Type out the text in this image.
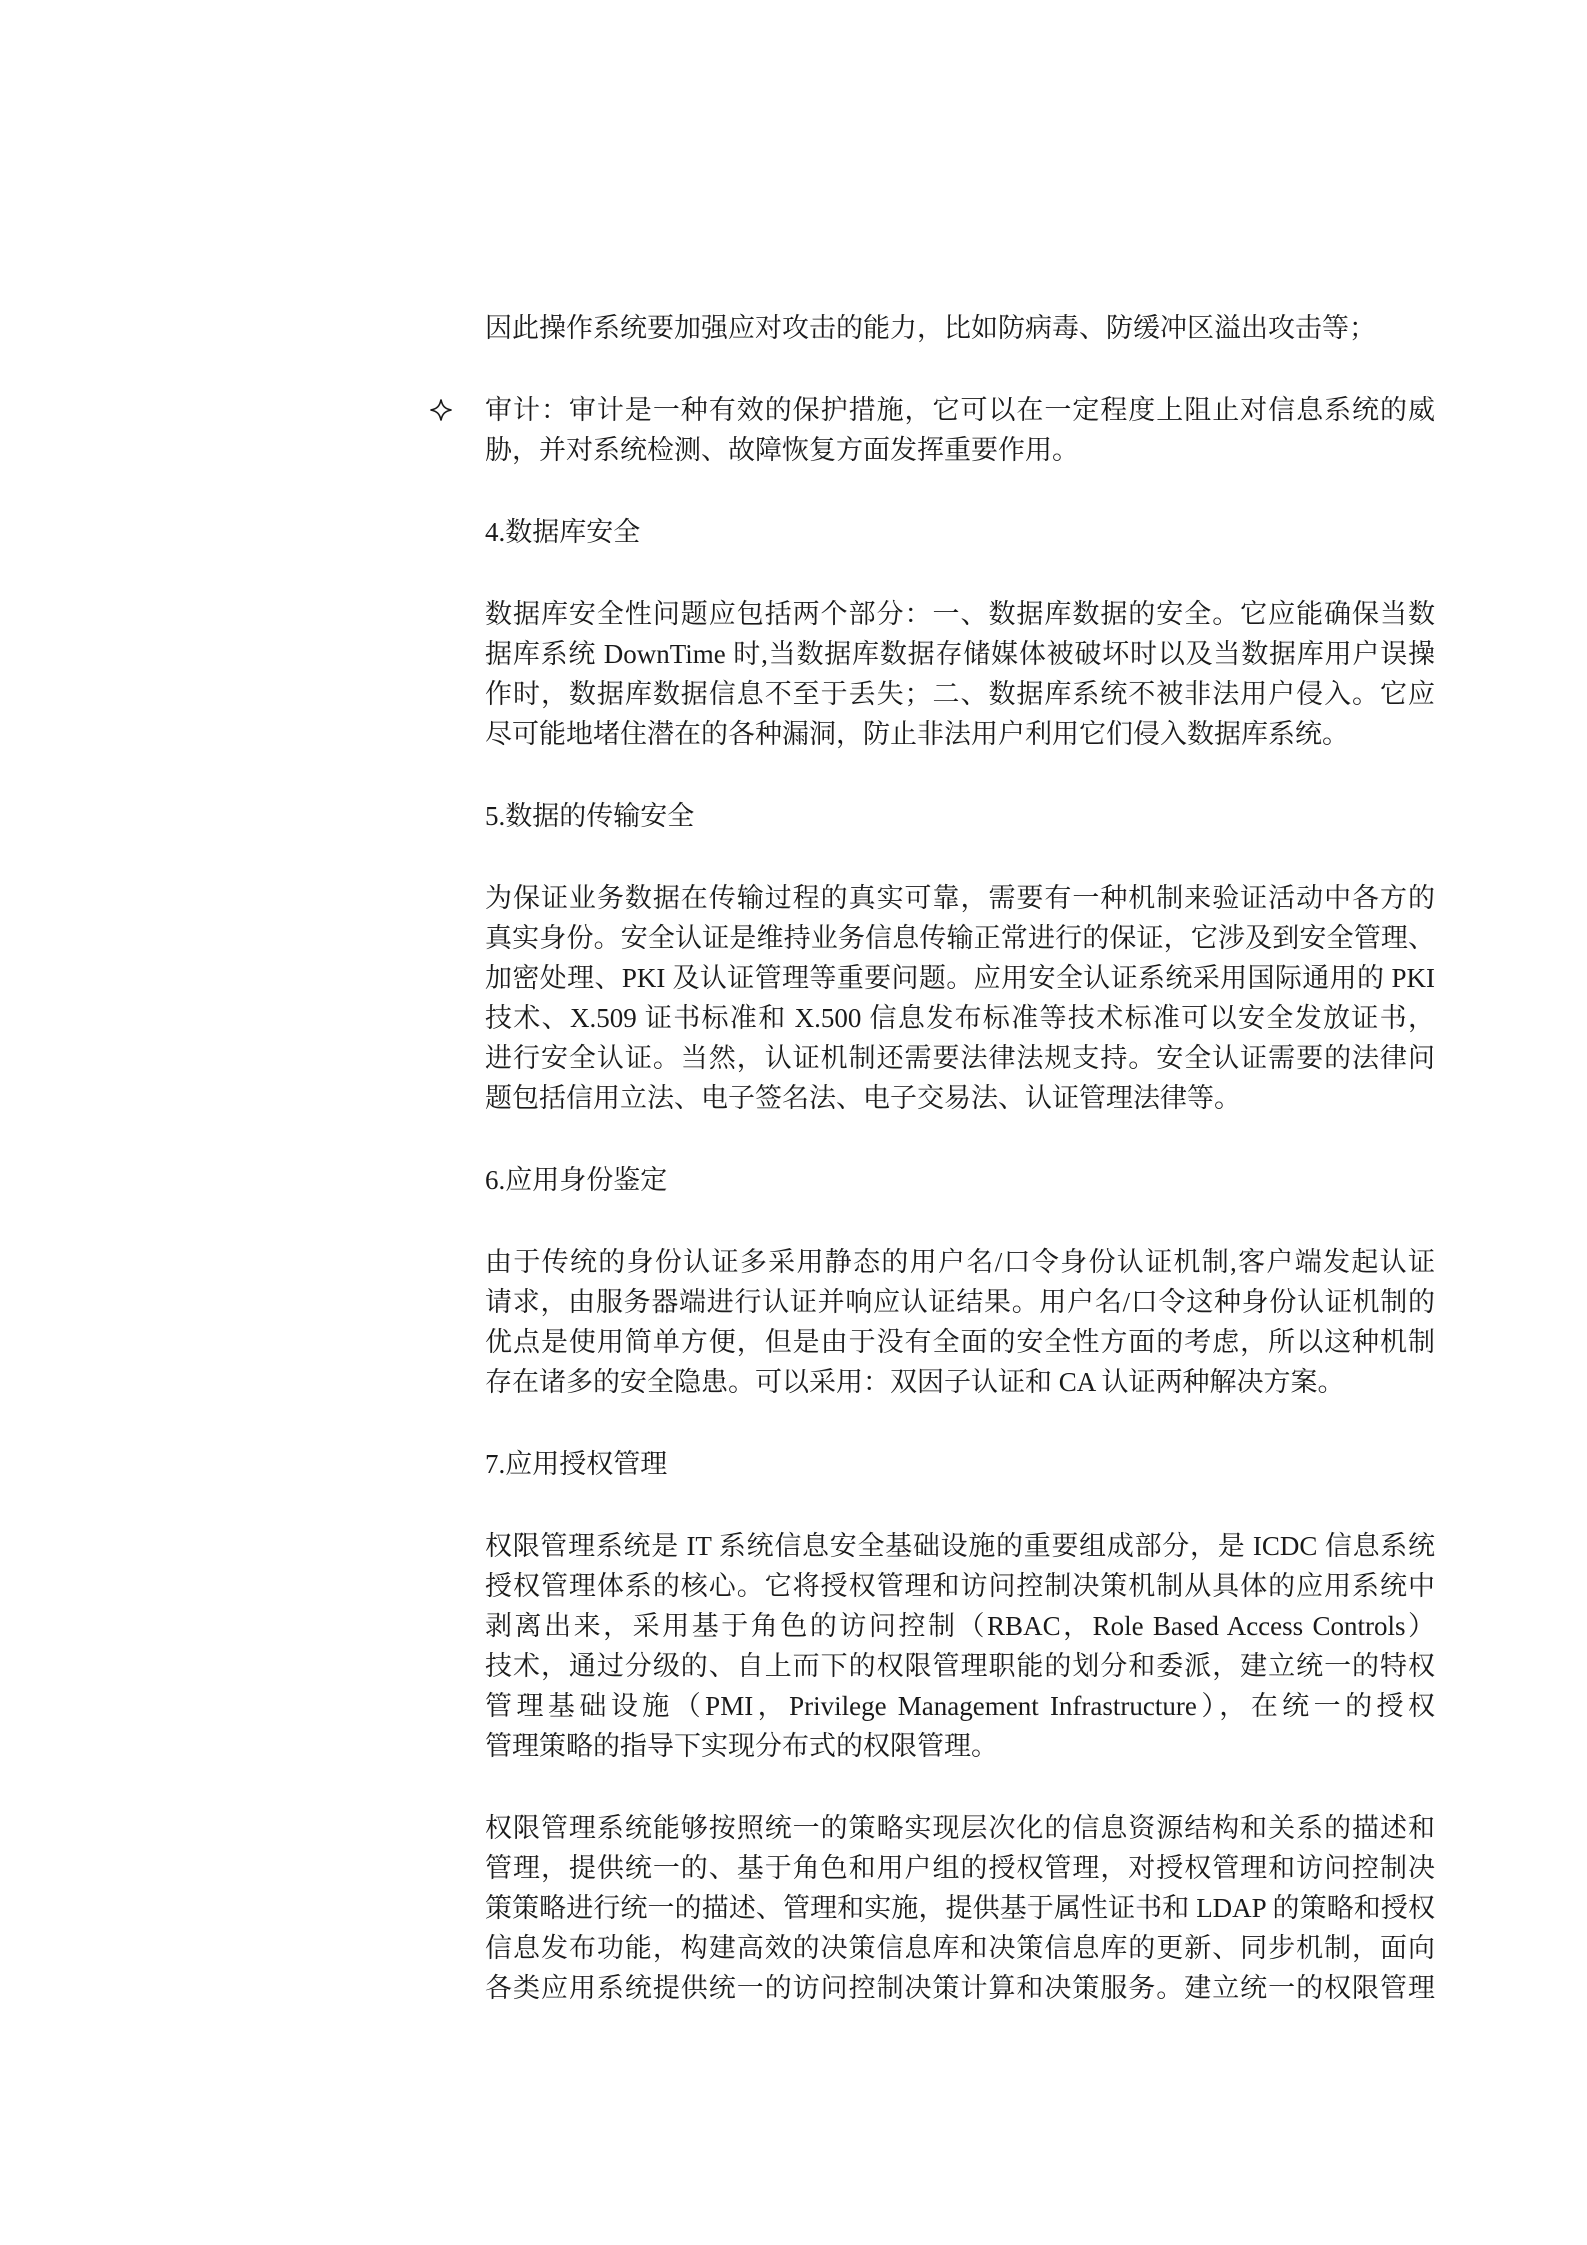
因此操作系统要加强应对攻击的能力，比如防病毒、防缓冲区溢出攻击等；
审计：审计是一种有效的保护措施，它可以在一定程度上阻止对信息系统的威
胁，并对系统检测、故障恢复方面发挥重要作用。
4.数据库安全
数据库安全性问题应包括两个部分：一、数据库数据的安全。它应能确保当数
据库系统 DownTime 时,当数据库数据存储媒体被破坏时以及当数据库用户误操
作时，数据库数据信息不至于丢失；二、数据库系统不被非法用户侵入。它应
尽可能地堵住潜在的各种漏洞，防止非法用户利用它们侵入数据库系统。
5.数据的传输安全
为保证业务数据在传输过程的真实可靠，需要有一种机制来验证活动中各方的
真实身份。安全认证是维持业务信息传输正常进行的保证，它涉及到安全管理、
加密处理、PKI 及认证管理等重要问题。应用安全认证系统采用国际通用的 PKI
技术、X.509 证书标准和 X.500 信息发布标准等技术标准可以安全发放证书，
进行安全认证。当然，认证机制还需要法律法规支持。安全认证需要的法律问
题包括信用立法、电子签名法、电子交易法、认证管理法律等。
6.应用身份鉴定
由于传统的身份认证多采用静态的用户名/口令身份认证机制,客户端发起认证
请求，由服务器端进行认证并响应认证结果。用户名/口令这种身份认证机制的
优点是使用简单方便，但是由于没有全面的安全性方面的考虑，所以这种机制
存在诸多的安全隐患。可以采用：双因子认证和 CA 认证两种解决方案。
7.应用授权管理
权限管理系统是 IT 系统信息安全基础设施的重要组成部分，是 ICDC 信息系统
授权管理体系的核心。它将授权管理和访问控制决策机制从具体的应用系统中
剥离出来，采用基于角色的访问控制（RBAC，Role Based Access Controls）
技术，通过分级的、自上而下的权限管理职能的划分和委派，建立统一的特权
管理基础设施（PMI，Privilege Management Infrastructure），在统一的授权
管理策略的指导下实现分布式的权限管理。
权限管理系统能够按照统一的策略实现层次化的信息资源结构和关系的描述和
管理，提供统一的、基于角色和用户组的授权管理，对授权管理和访问控制决
策策略进行统一的描述、管理和实施，提供基于属性证书和 LDAP 的策略和授权
信息发布功能，构建高效的决策信息库和决策信息库的更新、同步机制，面向
各类应用系统提供统一的访问控制决策计算和决策服务。建立统一的权限管理
